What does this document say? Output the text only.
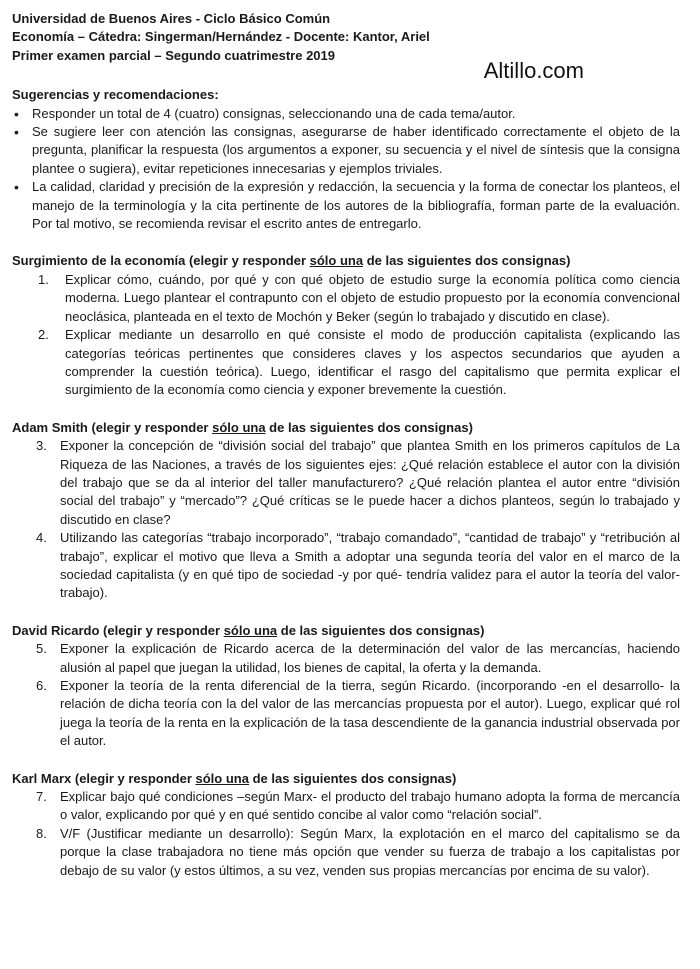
Altillo.com

Universidad de Buenos Aires - Ciclo Básico Común

Economía – Cátedra: Singerman/Hernández - Docente: Kantor, Ariel

Primer examen parcial – Segundo cuatrimestre 2019

Sugerencias y recomendaciones:
• Responder un total de 4 (cuatro) consignas, seleccionando una de cada tema/autor.
• Se sugiere leer con atención las consignas, asegurarse de haber identificado correctamente el objeto de la pregunta, planificar la respuesta (los argumentos a exponer, su secuencia y el nivel de síntesis que la consigna plantee o sugiera), evitar repeticiones innecesarias y ejemplos triviales.
• La calidad, claridad y precisión de la expresión y redacción, la secuencia y la forma de conectar los planteos, el manejo de la terminología y la cita pertinente de los autores de la bibliografía, forman parte de la evaluación. Por tal motivo, se recomienda revisar el escrito antes de entregarlo.
Surgimiento de la economía (elegir y responder sólo una de las siguientes dos consignas)
1. Explicar cómo, cuándo, por qué y con qué objeto de estudio surge la economía política como ciencia moderna. Luego plantear el contrapunto con el objeto de estudio propuesto por la economía convencional neoclásica, planteada en el texto de Mochón y Beker (según lo trabajado y discutido en clase).
2. Explicar mediante un desarrollo en qué consiste el modo de producción capitalista (explicando las categorías teóricas pertinentes que consideres claves y los aspectos secundarios que ayuden a comprender la cuestión teórica). Luego, identificar el rasgo del capitalismo que permita explicar el surgimiento de la economía como ciencia y exponer brevemente la cuestión.
Adam Smith (elegir y responder sólo una de las siguientes dos consignas)
3. Exponer la concepción de “división social del trabajo” que plantea Smith en los primeros capítulos de La Riqueza de las Naciones, a través de los siguientes ejes: ¿Qué relación establece el autor con la división del trabajo que se da al interior del taller manufacturero? ¿Qué relación plantea el autor entre “división social del trabajo” y “mercado”? ¿Qué críticas se le puede hacer a dichos planteos, según lo trabajado y discutido en clase?
4. Utilizando las categorías “trabajo incorporado”, “trabajo comandado”, “cantidad de trabajo” y “retribución al trabajo”, explicar el motivo que lleva a Smith a adoptar una segunda teoría del valor en el marco de la sociedad capitalista (y en qué tipo de sociedad -y por qué- tendría validez para el autor la teoría del valor-trabajo).
David Ricardo (elegir y responder sólo una de las siguientes dos consignas)
5. Exponer la explicación de Ricardo acerca de la determinación del valor de las mercancías, haciendo alusión al papel que juegan la utilidad, los bienes de capital, la oferta y la demanda.
6. Exponer la teoría de la renta diferencial de la tierra, según Ricardo. (incorporando -en el desarrollo- la relación de dicha teoría con la del valor de las mercancías propuesta por el autor). Luego, explicar qué rol juega la teoría de la renta en la explicación de la tasa descendiente de la ganancia industrial observada por el autor.
Karl Marx (elegir y responder sólo una de las siguientes dos consignas)
7. Explicar bajo qué condiciones –según Marx- el producto del trabajo humano adopta la forma de mercancía o valor, explicando por qué y en qué sentido concibe al valor como “relación social”.
8. V/F (Justificar mediante un desarrollo): Según Marx, la explotación en el marco del capitalismo se da porque la clase trabajadora no tiene más opción que vender su fuerza de trabajo a los capitalistas por debajo de su valor (y estos últimos, a su vez, venden sus propias mercancías por encima de su valor).
